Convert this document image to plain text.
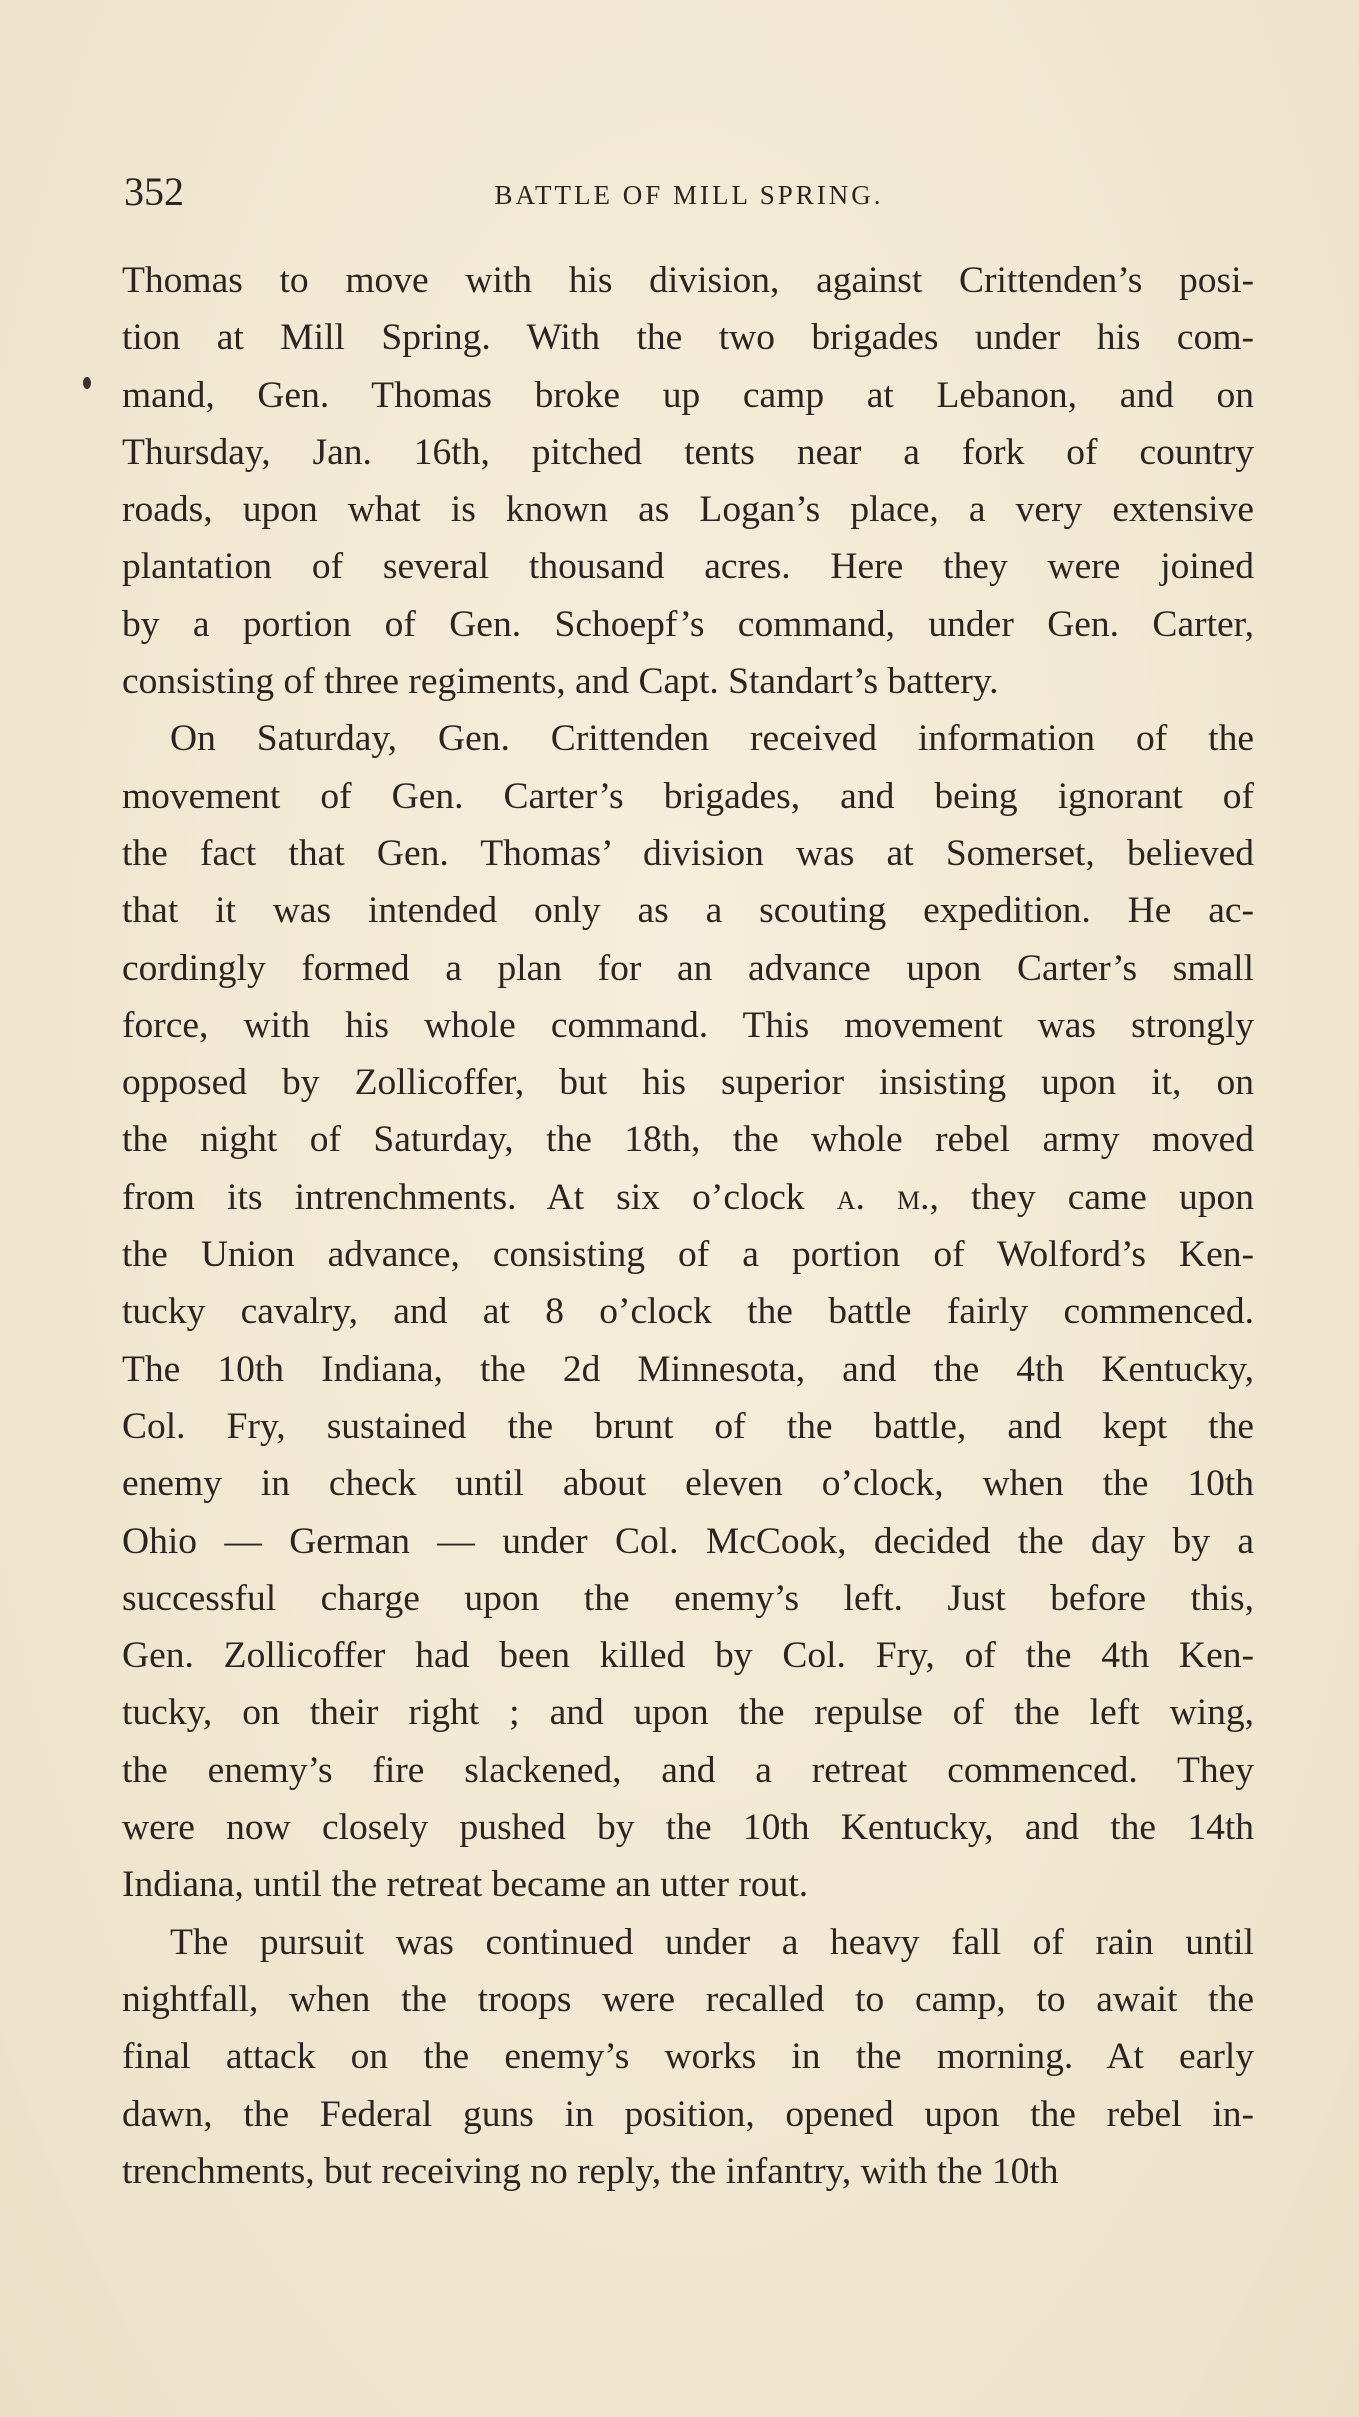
352	BATTLE OF MILL SPRING.
Thomas to move with his division, against Crittenden’s posi-
tion at Mill Spring. With the two brigades under his com-
mand, Gen. Thomas broke up camp at Lebanon, and on
Thursday, Jan. 16th, pitched tents near a fork of country
roads, upon what is known as Logan’s place, a very extensive
plantation of several thousand acres. Here they were joined
by a portion of Gen. Schoepf’s command, under Gen. Carter,
consisting of three regiments, and Capt. Standart’s battery.
On Saturday, Gen. Crittenden received information of the
movement of Gen. Carter’s brigades, and being ignorant of
the fact that Gen. Thomas’ division was at Somerset, believed
that it was intended only as a scouting expedition. He ac-
cordingly formed a plan for an advance upon Carter’s small
force, with his whole command. This movement was strongly
opposed by Zollicoffer, but his superior insisting upon it, on
the night of Saturday, the 18th, the whole rebel army moved
from its intrenchments. At six o’clock a. m., they came upon
the Union advance, consisting of a portion of Wolford’s Ken-
tucky cavalry, and at 8 o’clock the battle fairly commenced.
The 10th Indiana, the 2d Minnesota, and the 4th Kentucky,
Col. Fry, sustained the brunt of the battle, and kept the
enemy in check until about eleven o’clock, when the 10th
Ohio — German — under Col. McCook, decided the day by a
successful charge upon the enemy’s left. Just before this,
Gen. Zollicoffer had been killed by Col. Fry, of the 4th Ken-
tucky, on their right ; and upon the repulse of the left wing,
the enemy’s fire slackened, and a retreat commenced. They
were now closely pushed by the 10th Kentucky, and the 14th
Indiana, until the retreat became an utter rout.
The pursuit was continued under a heavy fall of rain until
nightfall, when the troops were recalled to camp, to await the
final attack on the enemy’s works in the morning. At early
dawn, the Federal guns in position, opened upon the rebel in-
trenchments, but receiving no reply, the infantry, with the 10th
